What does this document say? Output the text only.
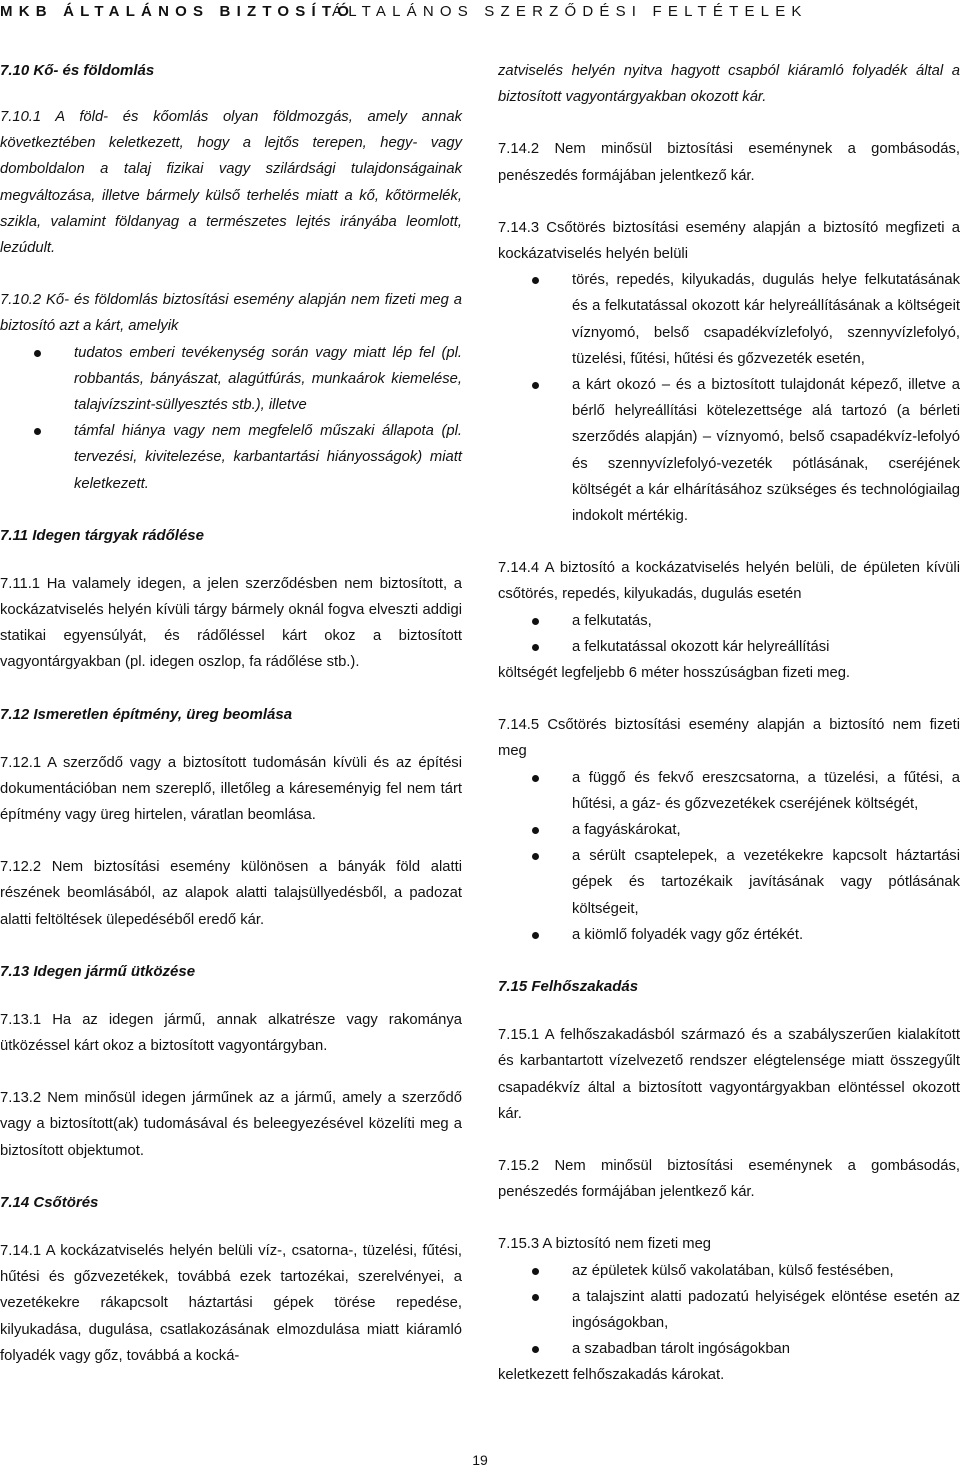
MKB ÁLTALÁNOS BIZTOSÍTÓ
ÁLTALÁNOS SZERZŐDÉSI FELTÉTELEK
7.10 Kő- és földomlás

7.10.1 A föld- és kőomlás olyan földmozgás, amely annak következtében keletkezett, hogy a lejtős terepen, hegy- vagy domboldalon a talaj fizikai vagy szilárdsági tulajdonságainak megváltozása, illetve bármely külső terhelés miatt a kő, kőtörmelék, szikla, valamint földanyag a természetes lejtés irányába leomlott, lezúdult.

7.10.2 Kő- és földomlás biztosítási esemény alapján nem fizeti meg a biztosító azt a kárt, amelyik

tudatos emberi tevékenység során vagy miatt lép fel (pl. robbantás, bányászat, alagútfúrás, munkaárok kiemelése, talajvízszint-süllyesztés stb.), illetve
támfal hiánya vagy nem megfelelő műszaki állapota (pl. tervezési, kivitelezése, karbantartási hiányosságok) miatt keletkezett.
7.11 Idegen tárgyak rádőlése

7.11.1 Ha valamely idegen, a jelen szerződésben nem biztosított, a kockázatviselés helyén kívüli tárgy bármely oknál fogva elveszti addigi statikai egyensúlyát, és rádőléssel kárt okoz a biztosított vagyontárgyakban (pl. idegen oszlop, fa rádőlése stb.).

7.12 Ismeretlen építmény, üreg beomlása

7.12.1 A szerződő vagy a biztosított tudomásán kívüli és az építési dokumentációban nem szereplő, illetőleg a káreseményig fel nem tárt építmény vagy üreg hirtelen, váratlan beomlása.

7.12.2 Nem biztosítási esemény különösen a bányák föld alatti részének beomlásából, az alapok alatti talajsüllyedésből, a padozat alatti feltöltések ülepedéséből eredő kár.

7.13 Idegen jármű ütközése

7.13.1 Ha az idegen jármű, annak alkatrésze vagy rakománya ütközéssel kárt okoz a biztosított vagyontárgyban.

7.13.2 Nem minősül idegen járműnek az a jármű, amely a szerződő vagy a biztosított(ak) tudomásával és beleegyezésével közelíti meg a biztosított objektumot.

7.14 Csőtörés

7.14.1 A kockázatviselés helyén belüli víz-, csatorna-, tüzelési, fűtési, hűtési és gőzvezetékek, továbbá ezek tartozékai, szerelvényei, a vezetékekre rákapcsolt háztartási gépek törése repedése, kilyukadása, dugulása, csatlakozásának elmozdulása miatt kiáramló folyadék vagy gőz, továbbá a kocká-

zatviselés helyén nyitva hagyott csapból kiáramló folyadék által a biztosított vagyontárgyakban okozott kár.

7.14.2 Nem minősül biztosítási eseménynek a gombásodás, penészedés formájában jelentkező kár.

7.14.3 Csőtörés biztosítási esemény alapján a biztosító megfizeti a kockázatviselés helyén belüli

törés, repedés, kilyukadás, dugulás helye felkutatásának és a felkutatással okozott kár helyreállításának a költségeit víznyomó, belső csapadékvízlefolyó, szennyvízlefolyó, tüzelési, fűtési, hűtési és gőzvezeték esetén,
a kárt okozó – és a biztosított tulajdonát képező, illetve a bérlő helyreállítási kötelezettsége alá tartozó (a bérleti szerződés alapján) – víznyomó, belső csapadékvíz-lefolyó és szennyvízlefolyó-vezeték pótlásának, cseréjének költségét a kár elhárításához szükséges és technológiailag indokolt mértékig.

7.14.4 A biztosító a kockázatviselés helyén belüli, de épületen kívüli csőtörés, repedés, kilyukadás, dugulás esetén

a felkutatás,
a felkutatással okozott kár helyreállítási

költségét legfeljebb 6 méter hosszúságban fizeti meg.

7.14.5 Csőtörés biztosítási esemény alapján a biztosító nem fizeti meg

a függő és fekvő ereszcsatorna, a tüzelési, a fűtési, a hűtési, a gáz- és gőzvezetékek cseréjének költségét,
a fagyáskárokat,
a sérült csaptelepek, a vezetékekre kapcsolt háztartási gépek és tartozékaik javításának vagy pótlásának költségeit,
a kiömlő folyadék vagy gőz értékét.
7.15 Felhőszakadás

7.15.1 A felhőszakadásból származó és a szabályszerűen kialakított és karbantartott vízelvezető rendszer elégtelensége miatt összegyűlt csapadékvíz által a biztosított vagyontárgyakban elöntéssel okozott kár.

7.15.2 Nem minősül biztosítási eseménynek a gombásodás, penészedés formájában jelentkező kár.

7.15.3 A biztosító nem fizeti meg

az épületek külső vakolatában, külső festésében,
a talajszint alatti padozatú helyiségek elöntése esetén az ingóságokban,
a szabadban tárolt ingóságokban

keletkezett felhőszakadás károkat.

19
